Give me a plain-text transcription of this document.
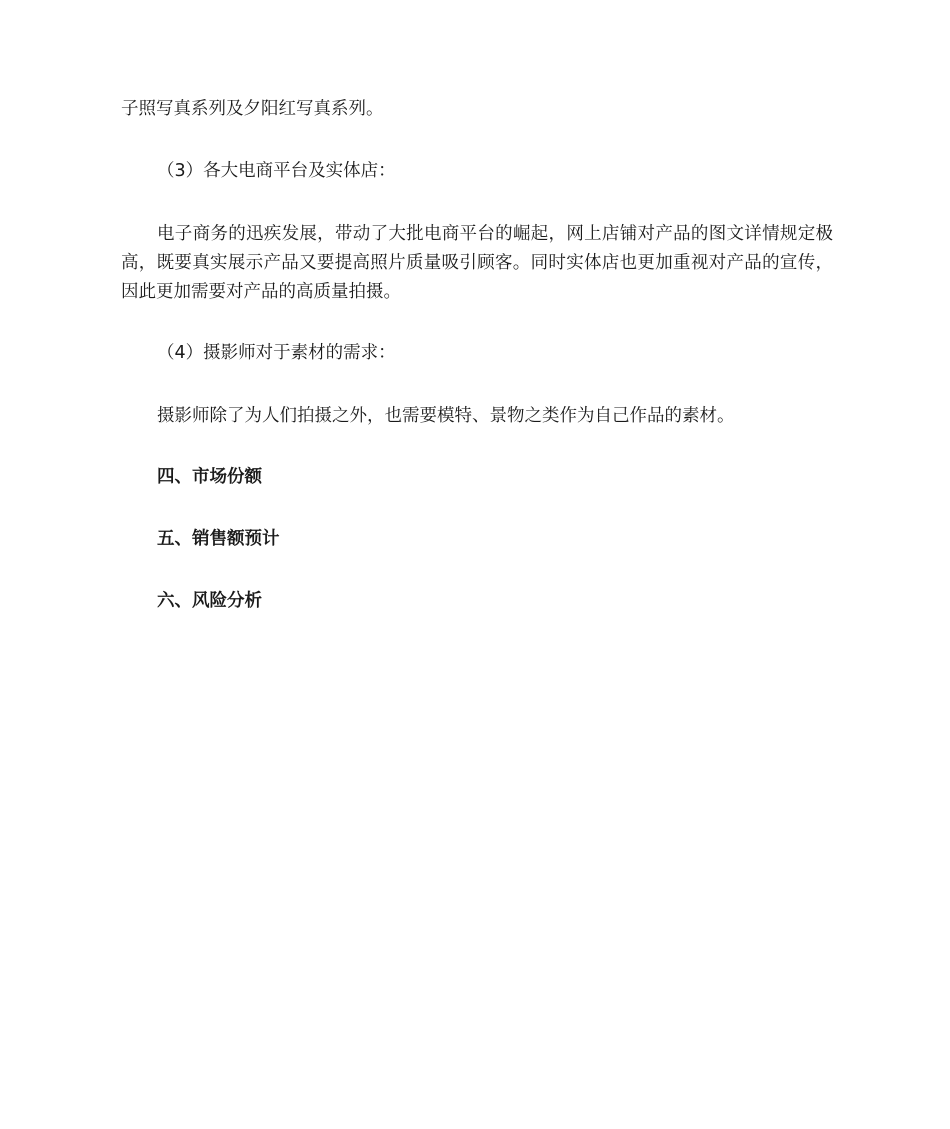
子照写真系列及夕阳红写真系列。
（3）各大电商平台及实体店：
电子商务的迅疾发展，带动了大批电商平台的崛起，网上店铺对产品的图文详情规定极高，既要真实展示产品又要提高照片质量吸引顾客。同时实体店也更加重视对产品的宣传，因此更加需要对产品的高质量拍摄。
（4）摄影师对于素材的需求：
摄影师除了为人们拍摄之外，也需要模特、景物之类作为自己作品的素材。
四、市场份额
五、销售额预计
六、风险分析
